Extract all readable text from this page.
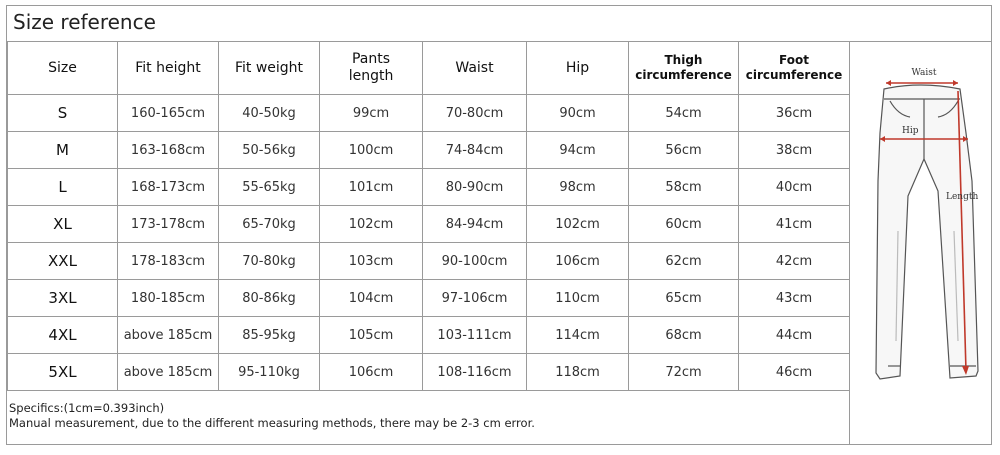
Size reference
Size	Fit height	Fit weight	Pants length	Waist	Hip	Thigh circumference	Foot circumference

S	160-165cm	40-50kg	99cm	70-80cm	90cm	54cm	36cm
M	163-168cm	50-56kg	100cm	74-84cm	94cm	56cm	38cm
L	168-173cm	55-65kg	101cm	80-90cm	98cm	58cm	40cm
XL	173-178cm	65-70kg	102cm	84-94cm	102cm	60cm	41cm
XXL	178-183cm	70-80kg	103cm	90-100cm	106cm	62cm	42cm
3XL	180-185cm	80-86kg	104cm	97-106cm	110cm	65cm	43cm
4XL	above 185cm	85-95kg	105cm	103-111cm	114cm	68cm	44cm
5XL	above 185cm	95-110kg	106cm	108-116cm	118cm	72cm	46cm
Specifics:(1cm=0.393inch)
Manual measurement, due to the different measuring methods, there may be 2-3 cm error.
Waist
Hip
Length
